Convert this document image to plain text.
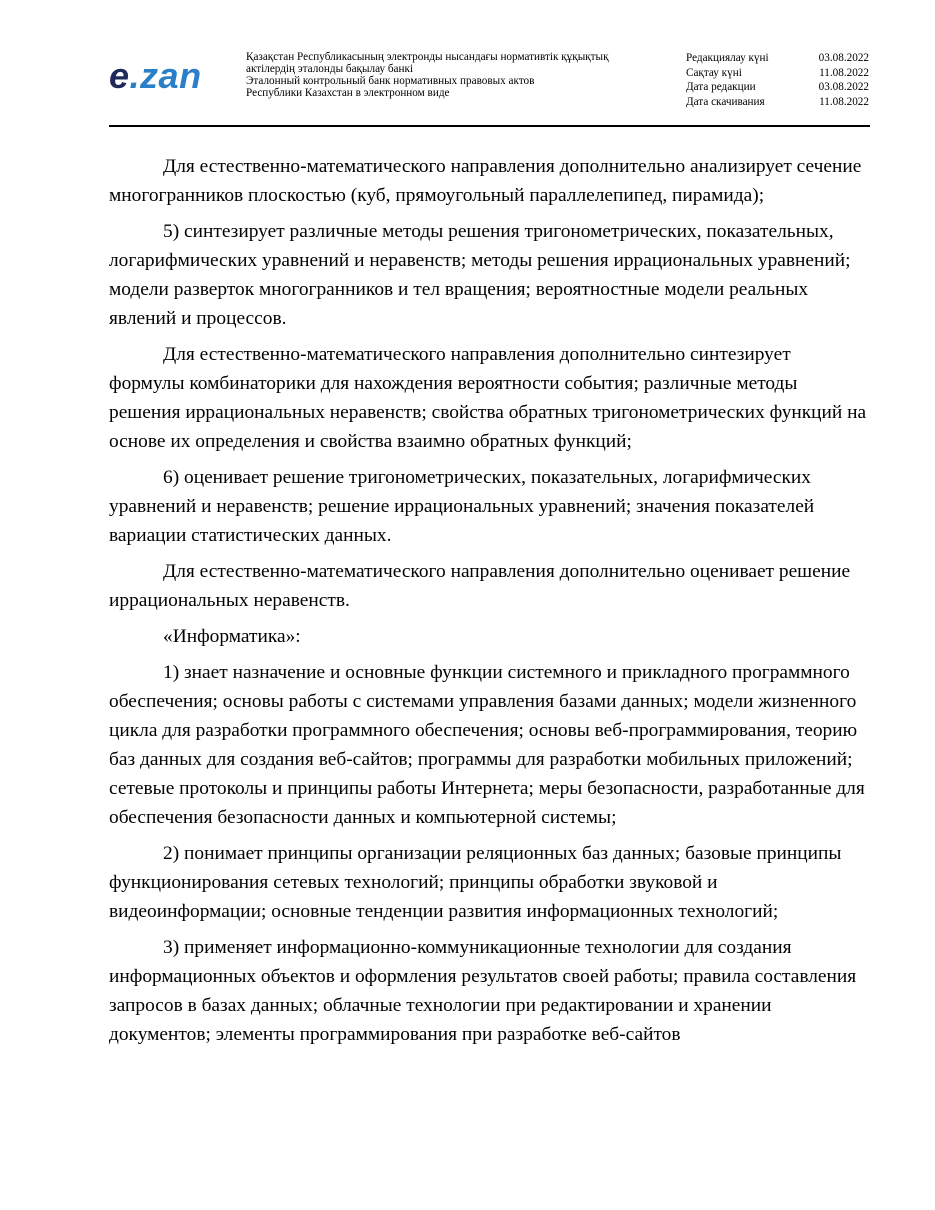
e.zan	Қазақстан Республикасының электронды нысандағы нормативтік құқықтық
актілердің эталонды бақылау банкі
Эталонный контрольный банк нормативных правовых актов
Республики Казахстан в электронном виде
Редакциялау күні	03.08.2022
Сақтау күні	11.08.2022
Дата редакции	03.08.2022
Дата скачивания	11.08.2022

Для естественно-математического направления дополнительно анализирует сечение многогранников плоскостью (куб, прямоугольный параллелепипед, пирамида);

5) синтезирует различные методы решения тригонометрических, показательных, логарифмических уравнений и неравенств; методы решения иррациональных уравнений; модели разверток многогранников и тел вращения; вероятностные модели реальных явлений и процессов.

Для естественно-математического направления дополнительно синтезирует формулы комбинаторики для нахождения вероятности события; различные методы решения иррациональных неравенств; свойства обратных тригонометрических функций на основе их определения и свойства взаимно обратных функций;

6) оценивает решение тригонометрических, показательных, логарифмических уравнений и неравенств; решение иррациональных уравнений; значения показателей вариации статистических данных.

Для естественно-математического направления дополнительно оценивает решение иррациональных неравенств.

«Информатика»:

1) знает назначение и основные функции системного и прикладного программного обеспечения; основы работы с системами управления базами данных; модели жизненного цикла для разработки программного обеспечения; основы веб-программирования, теорию баз данных для создания веб-сайтов; программы для разработки мобильных приложений; сетевые протоколы и принципы работы Интернета; меры безопасности, разработанные для обеспечения безопасности данных и компьютерной системы;

2) понимает принципы организации реляционных баз данных; базовые принципы функционирования сетевых технологий; принципы обработки звуковой и видеоинформации; основные тенденции развития информационных технологий;

3) применяет информационно-коммуникационные технологии для создания информационных объектов и оформления результатов своей работы; правила составления запросов в базах данных; облачные технологии при редактировании и хранении документов; элементы программирования при разработке веб-сайтов
